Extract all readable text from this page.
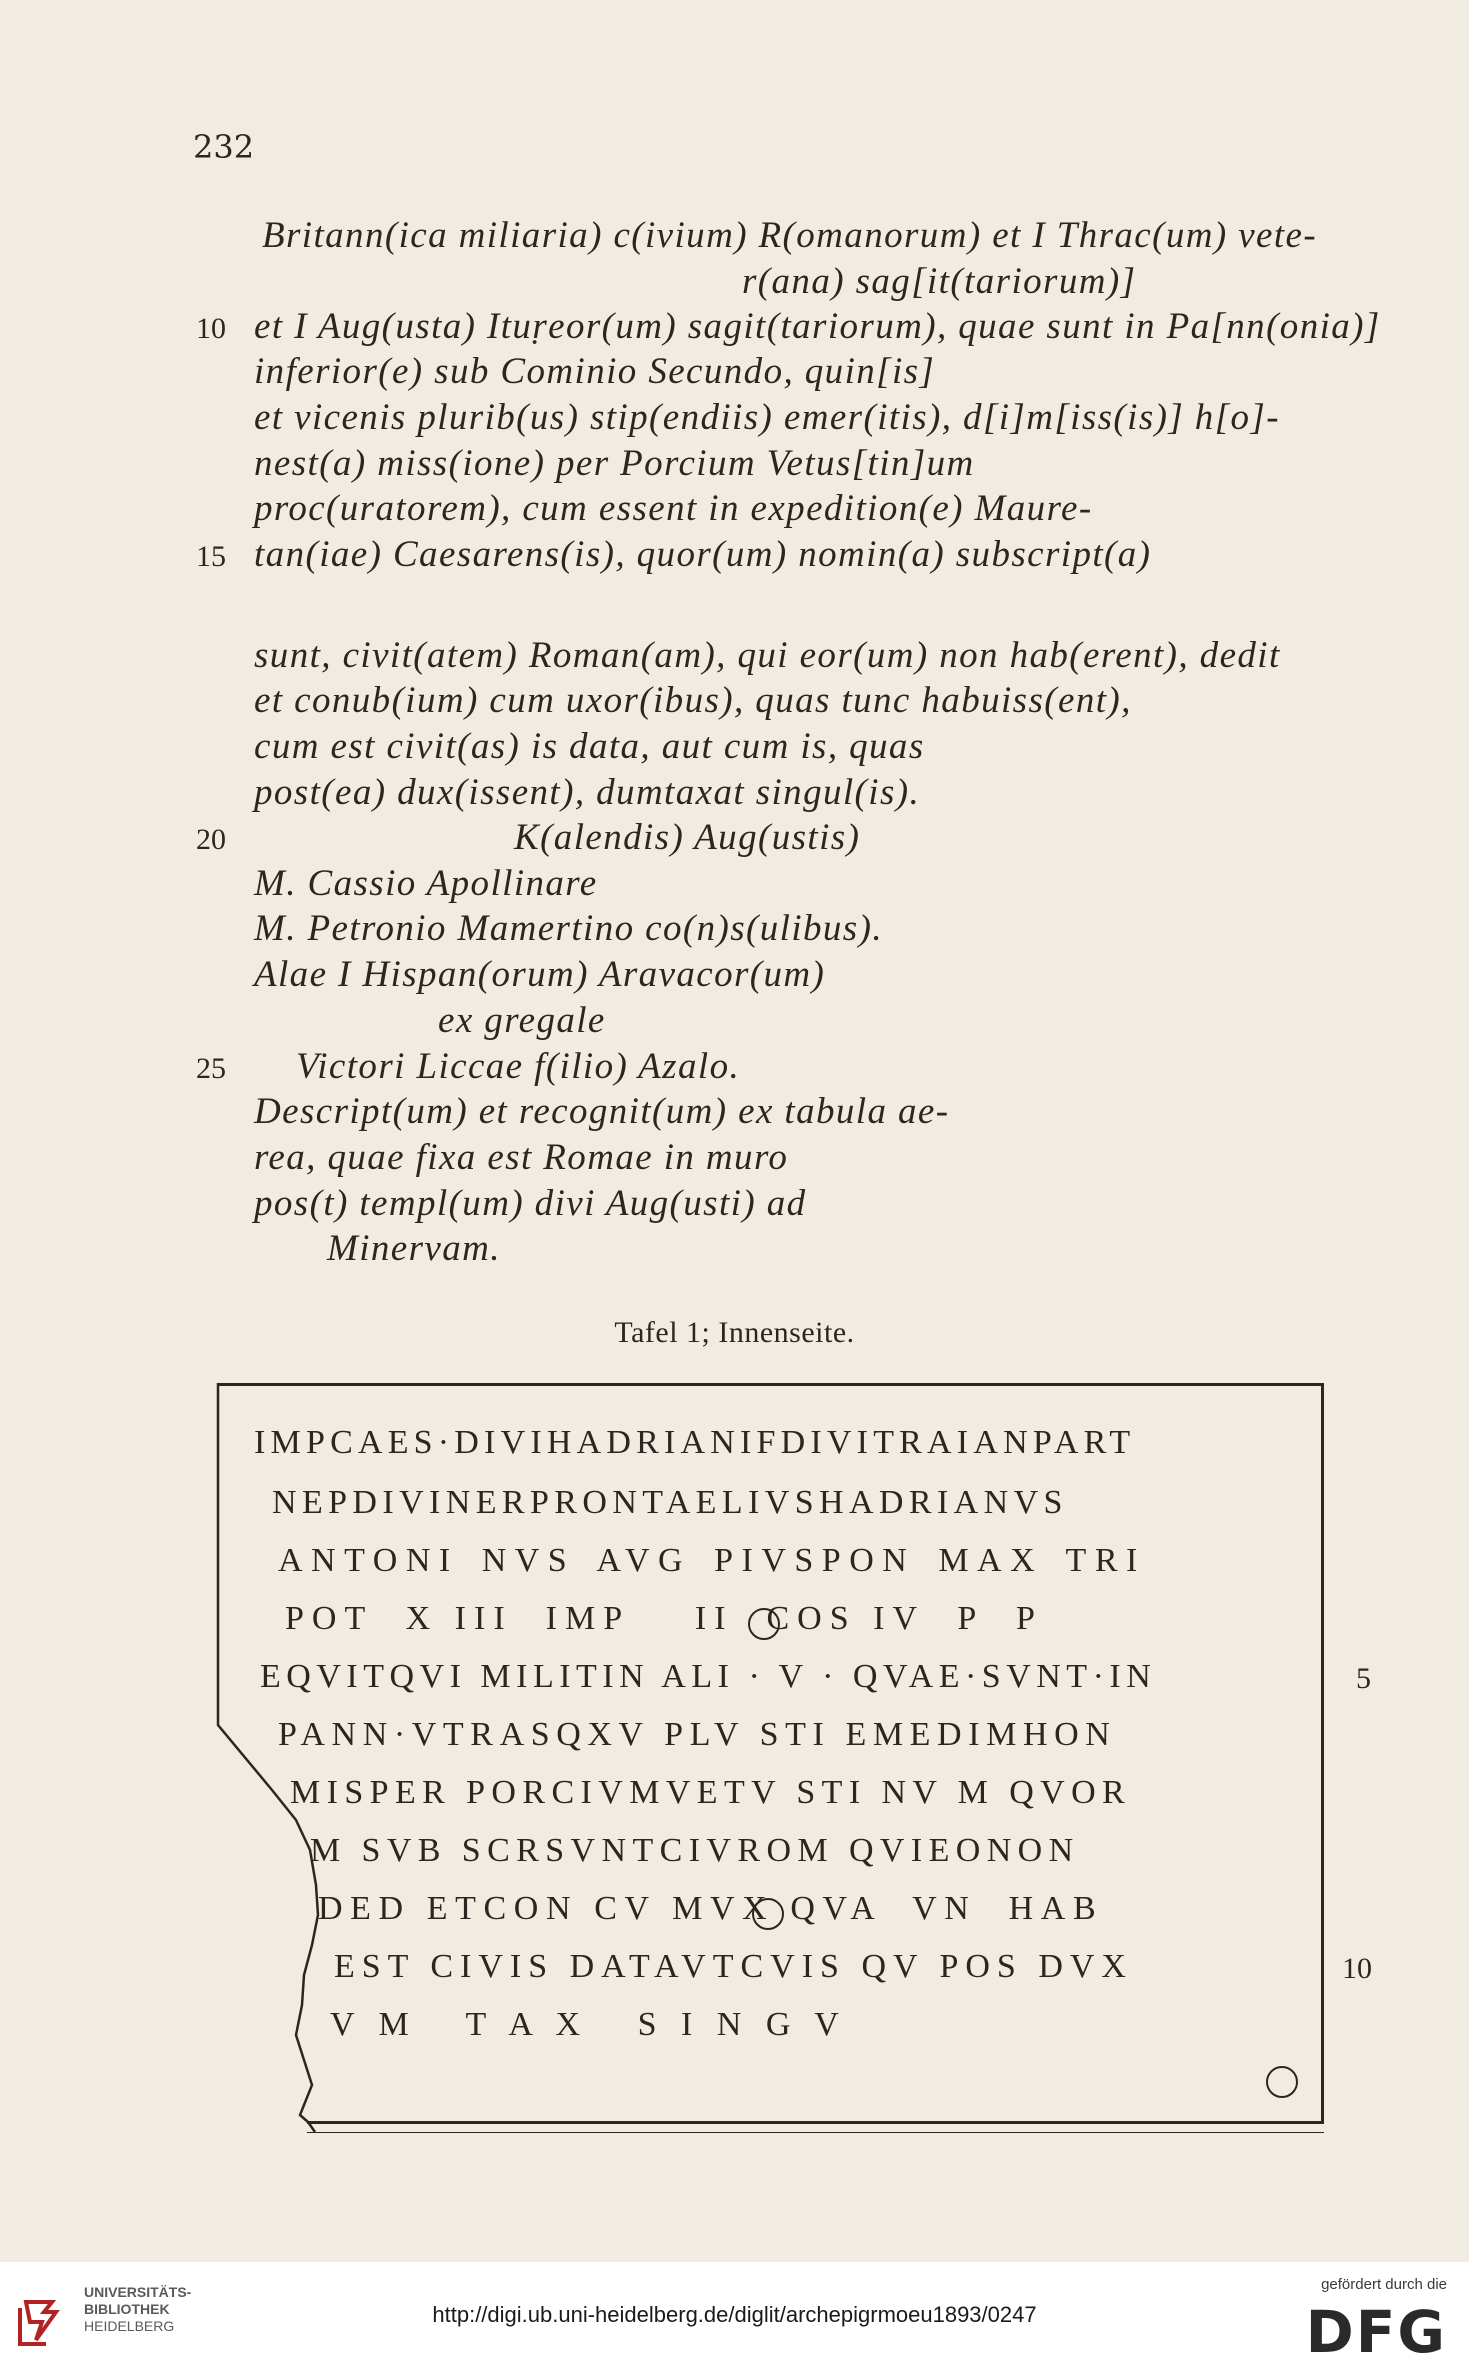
232
Britann(ica miliaria) c(ivium) R(omanorum) et I Thrac(um) vete-
r(ana) sag[it(tariorum)]
10 et I Aug(usta) Ituṛeor(um) sagit(tariorum), quae sunt in Pa[nn(onia)]
inferior(e) sub Cominio Secundo, quin[is]
et vicenis plurib(us) stip(endiis) emer(itis), d[i]m[iss(is)] h[o]-
nest(a) miss(ione) per Porcium Vetus[tin]um
proc(uratorem), cum essent in expedition(e) Maure-
15 tan(iae) Caesarens(is), quor(um) nomin(a) subscript(a)
sunt, civit(atem) Roman(am), qui eor(um) non hab(erent), dedit
et conub(ium) cum uxor(ibus), quas tunc habuiss(ent),
cum est civit(as) is data, aut cum is, quas
post(ea) dux(issent), dumtaxat singul(is).
20	K(alendis) Aug(ustis)
M. Cassio Apollinare
M. Petronio Mamertino co(n)s(ulibus).
Alae I Hispan(orum) Aravacor(um)
ex gregale
25 Victori Liccae f(ilio) Azalo.
Descript(um) et recognit(um) ex tabula ae-
rea, quae fixa est Romae in muro
pos(t) templ(um) divi Aug(usti) ad
Minervam.
Tafel 1; Innenseite.
IMPCAES·DIVIHADRIANIFDIVITRAIANPART
NEPDIVINERPRONTAELIVSHADRIANVS
ANTONI NVS AVG PIVSPON MAX TRI
POT  X III  IMP    II  COS IV  P  P
5
EQVITQVI MILITIN ALI · V · QVAE·SVNT·IN
PANN·VTRASQXV PLV STI EMEDIMHON
MISPER PORCIVMVETV STI NV M QVOR
M SVB SCRSVNTCIVROM QVIEONON
DED ETCON CV MVX QVA  VN  HAB
10
EST CIVIS DATAVTCVIS QV POS DVX
V M   T A X   S I N G V
UNIVERSITÄTS-
BIBLIOTHEK
HEIDELBERG	http://digi.ub.uni-heidelberg.de/diglit/archepigrmoeu1893/0247
gefördert durch die
DFG
